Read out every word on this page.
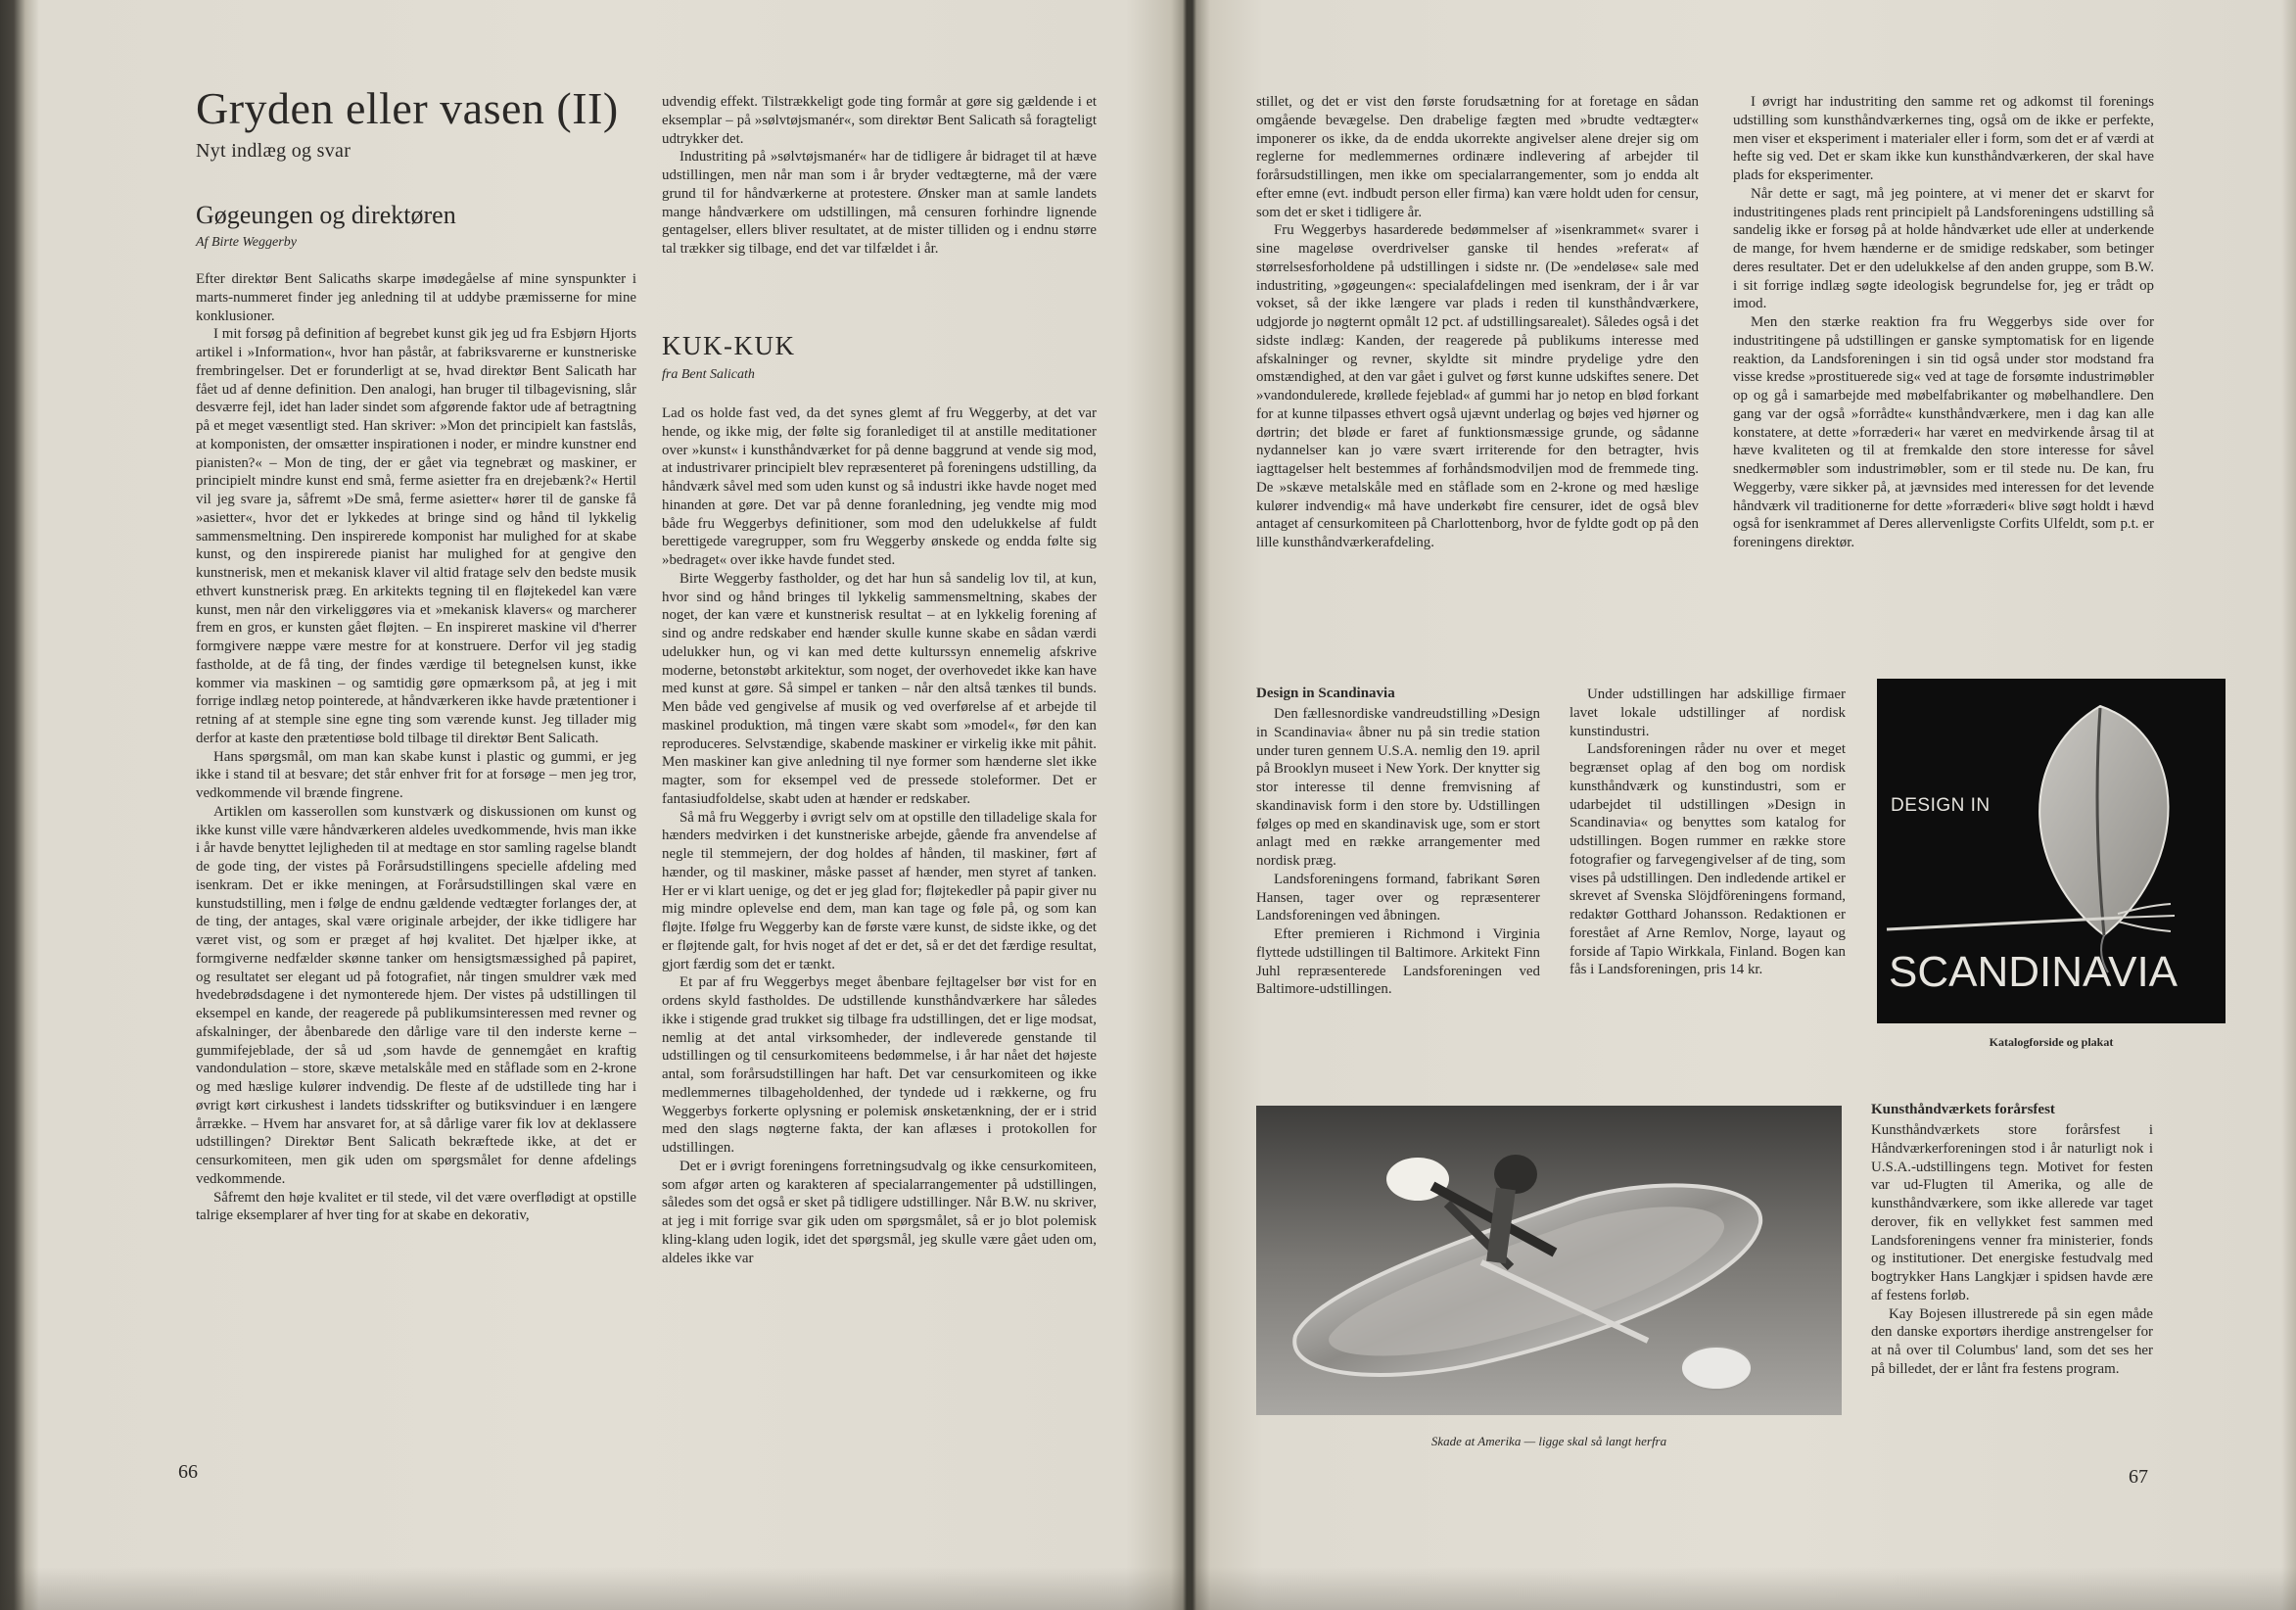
Gryden eller vasen (II)
Nyt indlæg og svar
Gøgeungen og direktøren
Af Birte Weggerby

Efter direktør Bent Salicaths skarpe imødegåelse af mine synspunkter i marts-nummeret finder jeg anledning til at uddybe præmisserne for mine konklusioner.

I mit forsøg på definition af begrebet kunst gik jeg ud fra Esbjørn Hjorts artikel i »Information«, hvor han påstår, at fabriksvarerne er kunstneriske frembringelser. Det er forunderligt at se, hvad direktør Bent Salicath har fået ud af denne definition. Den analogi, han bruger til tilbagevisning, slår desværre fejl, idet han lader sindet som afgørende faktor ude af betragtning på et meget væsentligt sted. Han skriver: »Mon det principielt kan fastslås, at komponisten, der omsætter inspirationen i noder, er mindre kunstner end pianisten?« – Mon de ting, der er gået via tegnebræt og maskiner, er principielt mindre kunst end små, ferme asietter fra en drejebænk?« Hertil vil jeg svare ja, såfremt »De små, ferme asietter« hører til de ganske få »asietter«, hvor det er lykkedes at bringe sind og hånd til lykkelig sammensmeltning. Den inspirerede komponist har mulighed for at skabe kunst, og den inspirerede pianist har mulighed for at gengive den kunstnerisk, men et mekanisk klaver vil altid fratage selv den bedste musik ethvert kunstnerisk præg. En arkitekts tegning til en fløjtekedel kan være kunst, men når den virkeliggøres via et »mekanisk klavers« og marcherer frem en gros, er kunsten gået fløjten. – En inspireret maskine vil d'herrer formgivere næppe være mestre for at konstruere. Derfor vil jeg stadig fastholde, at de få ting, der findes værdige til betegnelsen kunst, ikke kommer via maskinen – og samtidig gøre opmærksom på, at jeg i mit forrige indlæg netop pointerede, at håndværkeren ikke havde prætentioner i retning af at stemple sine egne ting som værende kunst. Jeg tillader mig derfor at kaste den prætentiøse bold tilbage til direktør Bent Salicath.

Hans spørgsmål, om man kan skabe kunst i plastic og gummi, er jeg ikke i stand til at besvare; det står enhver frit for at forsøge – men jeg tror, vedkommende vil brænde fingrene.

Artiklen om kasserollen som kunstværk og diskussionen om kunst og ikke kunst ville være håndværkeren aldeles uvedkommende, hvis man ikke i år havde benyttet lejligheden til at medtage en stor samling ragelse blandt de gode ting, der vistes på Forårsudstillingens specielle afdeling med isenkram. Det er ikke meningen, at Forårsudstillingen skal være en kunstudstilling, men i følge de endnu gældende vedtægter forlanges der, at de ting, der antages, skal være originale arbejder, der ikke tidligere har været vist, og som er præget af høj kvalitet. Det hjælper ikke, at formgiverne nedfælder skønne tanker om hensigtsmæssighed på papiret, og resultatet ser elegant ud på fotografiet, når tingen smuldrer væk med hvedebrødsdagene i det nymonterede hjem. Der vistes på udstillingen til eksempel en kande, der reagerede på publikumsinteressen med revner og afskalninger, der åbenbarede den dårlige vare til den inderste kerne – gummifejeblade, der så ud ,som havde de gennemgået en kraftig vandondulation – store, skæve metalskåle med en ståflade som en 2-krone og med hæslige kulører indvendig. De fleste af de udstillede ting har i øvrigt kørt cirkushest i landets tidsskrifter og butiksvinduer i en længere årrække. – Hvem har ansvaret for, at så dårlige varer fik lov at deklassere udstillingen? Direktør Bent Salicath bekræftede ikke, at det er censurkomiteen, men gik uden om spørgsmålet for denne afdelings vedkommende.

Såfremt den høje kvalitet er til stede, vil det være overflødigt at opstille talrige eksemplarer af hver ting for at skabe en dekorativ,

udvendig effekt. Tilstrækkeligt gode ting formår at gøre sig gældende i et eksemplar – på »sølvtøjsmanér«, som direktør Bent Salicath så foragteligt udtrykker det.

Industriting på »sølvtøjsmanér« har de tidligere år bidraget til at hæve udstillingen, men når man som i år bryder vedtægterne, må der være grund til for håndværkerne at protestere. Ønsker man at samle landets mange håndværkere om udstillingen, må censuren forhindre lignende gentagelser, ellers bliver resultatet, at de mister tilliden og i endnu større tal trækker sig tilbage, end det var tilfældet i år.

KUK-KUK
fra Bent Salicath

Lad os holde fast ved, da det synes glemt af fru Weggerby, at det var hende, og ikke mig, der følte sig foranlediget til at anstille meditationer over »kunst« i kunsthåndværket for på denne baggrund at vende sig mod, at industrivarer principielt blev repræsenteret på foreningens udstilling, da håndværk såvel med som uden kunst og så industri ikke havde noget med hinanden at gøre. Det var på denne foranledning, jeg vendte mig mod både fru Weggerbys definitioner, som mod den udelukkelse af fuldt berettigede varegrupper, som fru Weggerby ønskede og endda følte sig »bedraget« over ikke havde fundet sted.

Birte Weggerby fastholder, og det har hun så sandelig lov til, at kun, hvor sind og hånd bringes til lykkelig sammensmeltning, skabes der noget, der kan være et kunstnerisk resultat – at en lykkelig forening af sind og andre redskaber end hænder skulle kunne skabe en sådan værdi udelukker hun, og vi kan med dette kulturssyn ennemelig afskrive moderne, betonstøbt arkitektur, som noget, der overhovedet ikke kan have med kunst at gøre. Så simpel er tanken – når den altså tænkes til bunds. Men både ved gengivelse af musik og ved overførelse af et arbejde til maskinel produktion, må tingen være skabt som »model«, før den kan reproduceres. Selvstændige, skabende maskiner er virkelig ikke mit påhit. Men maskiner kan give anledning til nye former som hænderne slet ikke magter, som for eksempel ved de pressede stoleformer. Det er fantasiudfoldelse, skabt uden at hænder er redskaber.

Så må fru Weggerby i øvrigt selv om at opstille den tilladelige skala for hænders medvirken i det kunstneriske arbejde, gående fra anvendelse af negle til stemmejern, der dog holdes af hånden, til maskiner, ført af hænder, og til maskiner, måske passet af hænder, men styret af tanken. Her er vi klart uenige, og det er jeg glad for; fløjtekedler på papir giver nu mig mindre oplevelse end dem, man kan tage og føle på, og som kan fløjte. Ifølge fru Weggerby kan de første være kunst, de sidste ikke, og det er fløjtende galt, for hvis noget af det er det, så er det det færdige resultat, gjort færdig som det er tænkt.

Et par af fru Weggerbys meget åbenbare fejltagelser bør vist for en ordens skyld fastholdes. De udstillende kunsthåndværkere har således ikke i stigende grad trukket sig tilbage fra udstillingen, det er lige modsat, nemlig at det antal virksomheder, der indleverede genstande til udstillingen og til censurkomiteens bedømmelse, i år har nået det højeste antal, som forårsudstillingen har haft. Det var censurkomiteen og ikke medlemmernes tilbageholdenhed, der tyndede ud i rækkerne, og fru Weggerbys forkerte oplysning er polemisk ønsketænkning, der er i strid med den slags nøgterne fakta, der kan aflæses i protokollen for udstillingen.

Det er i øvrigt foreningens forretningsudvalg og ikke censurkomiteen, som afgør arten og karakteren af specialarrangementer på udstillingen, således som det også er sket på tidligere udstillinger. Når B.W. nu skriver, at jeg i mit forrige svar gik uden om spørgsmålet, så er jo blot polemisk kling-klang uden logik, idet det spørgsmål, jeg skulle være gået uden om, aldeles ikke var

66

stillet, og det er vist den første forudsætning for at foretage en sådan omgående bevægelse. Den drabelige fægten med »brudte vedtægter« imponerer os ikke, da de endda ukorrekte angivelser alene drejer sig om reglerne for medlemmernes ordinære indlevering af arbejder til forårsudstillingen, men ikke om specialarrangementer, som jo endda alt efter emne (evt. indbudt person eller firma) kan være holdt uden for censur, som det er sket i tidligere år.

Fru Weggerbys hasarderede bedømmelser af »isenkrammet« svarer i sine mageløse overdrivelser ganske til hendes »referat« af størrelsesforholdene på udstillingen i sidste nr. (De »endeløse« sale med industriting, »gøgeungen«: specialafdelingen med isenkram, der i år var vokset, så der ikke længere var plads i reden til kunsthåndværkere, udgjorde jo nøgternt opmålt 12 pct. af udstillingsarealet). Således også i det sidste indlæg: Kanden, der reagerede på publikums interesse med afskalninger og revner, skyldte sit mindre prydelige ydre den omstændighed, at den var gået i gulvet og først kunne udskiftes senere. Det »vandondulerede, krøllede fejeblad« af gummi har jo netop en blød forkant for at kunne tilpasses ethvert også ujævnt underlag og bøjes ved hjørner og dørtrin; det bløde er faret af funktionsmæssige grunde, og sådanne nydannelser kan jo være svært irriterende for den betragter, hvis iagttagelser helt bestemmes af forhåndsmodviljen mod de fremmede ting. De »skæve metalskåle med en ståflade som en 2-krone og med hæslige kulører indvendig« må have underkøbt fire censurer, idet de også blev antaget af censurkomiteen på Charlottenborg, hvor de fyldte godt op på den lille kunsthåndværkerafdeling.

I øvrigt har industriting den samme ret og adkomst til forenings udstilling som kunsthåndværkernes ting, også om de ikke er perfekte, men viser et eksperiment i materialer eller i form, som det er af værdi at hefte sig ved. Det er skam ikke kun kunsthåndværkeren, der skal have plads for eksperimenter.

Når dette er sagt, må jeg pointere, at vi mener det er skarvt for industritingenes plads rent principielt på Landsforeningens udstilling så sandelig ikke er forsøg på at holde håndværket ude eller at underkende de mange, for hvem hænderne er de smidige redskaber, som betinger deres resultater. Det er den udelukkelse af den anden gruppe, som B.W. i sit forrige indlæg søgte ideologisk begrundelse for, jeg er trådt op imod.

Men den stærke reaktion fra fru Weggerbys side over for industritingene på udstillingen er ganske symptomatisk for en ligende reaktion, da Landsforeningen i sin tid også under stor modstand fra visse kredse »prostituerede sig« ved at tage de forsømte industrimøbler op og gå i samarbejde med møbelfabrikanter og møbelhandlere. Den gang var der også »forrådte« kunsthåndværkere, men i dag kan alle konstatere, at dette »forræderi« har været en medvirkende årsag til at hæve kvaliteten og til at fremkalde den store interesse for såvel snedkermøbler som industrimøbler, som er til stede nu. De kan, fru Weggerby, være sikker på, at jævnsides med interessen for det levende håndværk vil traditionerne for dette »forræderi« blive søgt holdt i hævd også for isenkrammet af Deres allervenligste Corfits Ulfeldt, som p.t. er foreningens direktør.

Design in Scandinavia

Den fællesnordiske vandreudstilling »Design in Scandinavia« åbner nu på sin tredie station under turen gennem U.S.A. nemlig den 19. april på Brooklyn museet i New York. Der knytter sig stor interesse til denne fremvisning af skandinavisk form i den store by. Udstillingen følges op med en skandinavisk uge, som er stort anlagt med en række arrangementer med nordisk præg.

Landsforeningens formand, fabrikant Søren Hansen, tager over og repræsenterer Landsforeningen ved åbningen.

Efter premieren i Richmond i Virginia flyttede udstillingen til Baltimore. Arkitekt Finn Juhl repræsenterede Landsforeningen ved Baltimore-udstillingen.

Under udstillingen har adskillige firmaer lavet lokale udstillinger af nordisk kunstindustri.

Landsforeningen råder nu over et meget begrænset oplag af den bog om nordisk kunsthåndværk og kunstindustri, som er udarbejdet til udstillingen »Design in Scandinavia« og benyttes som katalog for udstillingen. Bogen rummer en række store fotografier og farvegengivelser af de ting, som vises på udstillingen. Den indledende artikel er skrevet af Svenska Slöjdföreningens formand, redaktør Gotthard Johansson. Redaktionen er forestået af Arne Remlov, Norge, layaut og forside af Tapio Wirkkala, Finland. Bogen kan fås i Landsforeningen, pris 14 kr.

DESIGN IN
SCANDINAVIA
Katalogforside og plakat
Skade at Amerika — ligge skal så langt herfra
Kunsthåndværkets forårsfest

Kunsthåndværkets store forårsfest i Håndværkerforeningen stod i år naturligt nok i U.S.A.-udstillingens tegn. Motivet for festen var ud-Flugten til Amerika, og alle de kunsthåndværkere, som ikke allerede var taget derover, fik en vellykket fest sammen med Landsforeningens venner fra ministerier, fonds og institutioner. Det energiske festudvalg med bogtrykker Hans Langkjær i spidsen havde ære af festens forløb.

Kay Bojesen illustrerede på sin egen måde den danske exportørs iherdige anstrengelser for at nå over til Columbus' land, som det ses her på billedet, der er lånt fra festens program.

67
